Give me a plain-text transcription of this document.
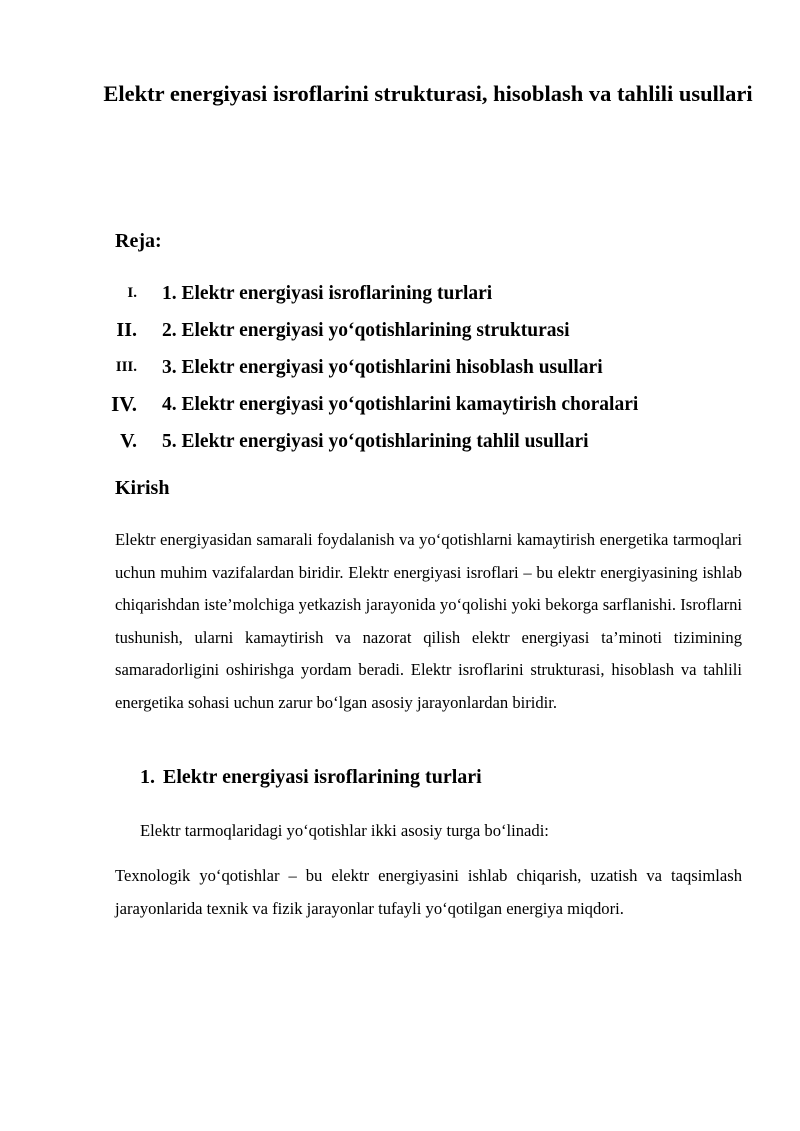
Elektr energiyasi isroflarini strukturasi, hisoblash va tahlili usullari

Reja:

I. 1. Elektr energiyasi isroflarining turlari
II. 2. Elektr energiyasi yo‘qotishlarining strukturasi
III. 3. Elektr energiyasi yo‘qotishlarini hisoblash usullari
IV. 4. Elektr energiyasi yo‘qotishlarini kamaytirish choralari
V. 5. Elektr energiyasi yo‘qotishlarining tahlil usullari

Kirish

Elektr energiyasidan samarali foydalanish va yo‘qotishlarni kamaytirish energetika tarmoqlari uchun muhim vazifalardan biridir. Elektr energiyasi isroflari – bu elektr energiyasining ishlab chiqarishdan iste’molchiga yetkazish jarayonida yo‘qolishi yoki bekorga sarflanishi. Isroflarni tushunish, ularni kamaytirish va nazorat qilish elektr energiyasi ta’minoti tizimining samaradorligini oshirishga yordam beradi. Elektr isroflarini strukturasi, hisoblash va tahlili energetika sohasi uchun zarur bo‘lgan asosiy jarayonlardan biridir.

1. Elektr energiyasi isroflarining turlari

Elektr tarmoqlaridagi yo‘qotishlar ikki asosiy turga bo‘linadi:

Texnologik yo‘qotishlar – bu elektr energiyasini ishlab chiqarish, uzatish va taqsimlash jarayonlarida texnik va fizik jarayonlar tufayli yo‘qotilgan energiya miqdori.
